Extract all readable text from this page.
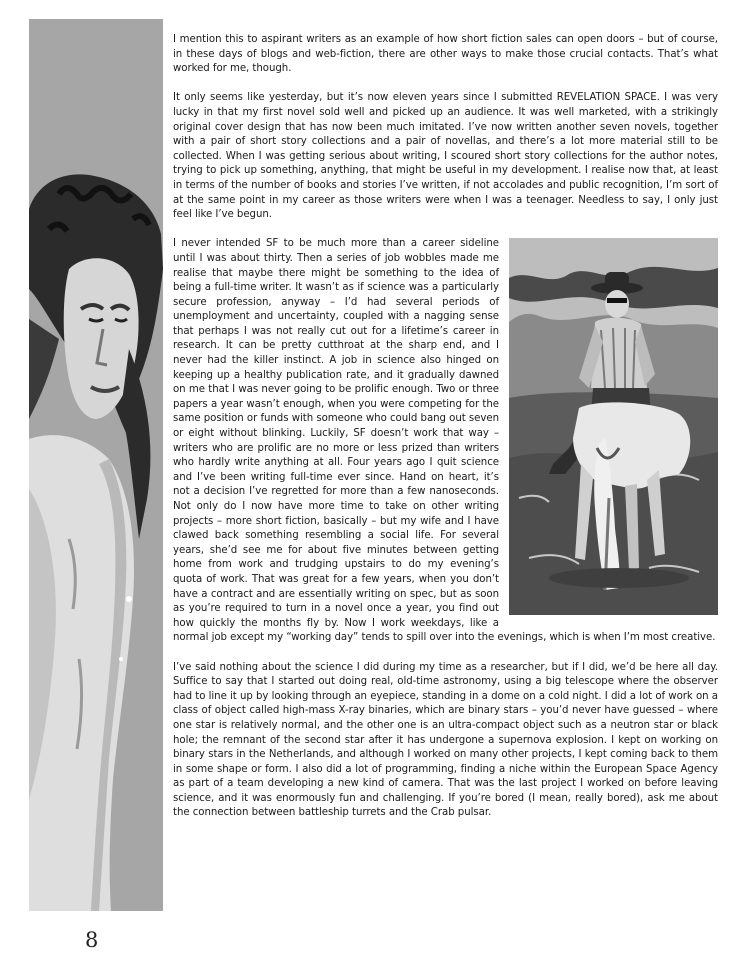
I mention this to aspirant writers as an example of how short fiction sales can open doors – but of course, in these days of blogs and web-fiction, there are other ways to make those crucial contacts. That’s what worked for me, though.

It only seems like yesterday, but it’s now eleven years since I submitted REVELATION SPACE. I was very lucky in that my first novel sold well and picked up an audience. It was well marketed, with a strikingly original cover design that has now been much imitated. I’ve now written another seven novels, together with a pair of short story collections and a pair of novellas, and there’s a lot more material still to be collected. When I was getting serious about writing, I scoured short story collections for the author notes, trying to pick up something, anything, that might be useful in my development. I realise now that, at least in terms of the number of books and stories I’ve written, if not accolades and public recognition, I’m sort of at the same point in my career as those writers were when I was a teenager. Needless to say, I only just feel like I’ve begun.

I never intended SF to be much more than a career sideline until I was about thirty. Then a series of job wobbles made me realise that maybe there might be something to the idea of being a full-time writer. It wasn’t as if science was a particularly secure profession, anyway – I’d had several periods of unemployment and uncertainty, coupled with a nagging sense that perhaps I was not really cut out for a lifetime’s career in research. It can be pretty cutthroat at the sharp end, and I never had the killer instinct. A job in science also hinged on keeping up a healthy publication rate, and it gradually dawned on me that I was never going to be prolific enough. Two or three papers a year wasn’t enough, when you were competing for the same position or funds with someone who could bang out seven or eight without blinking. Luckily, SF doesn’t work that way – writers who are prolific are no more or less prized than writers who hardly write anything at all. Four years ago I quit science and I’ve been writing full-time ever since. Hand on heart, it’s not a decision I’ve regretted for more than a few nanoseconds. Not only do I now have more time to take on other writing projects – more short fiction, basically – but my wife and I have clawed back something resembling a social life. For several years, she’d see me for about five minutes between getting home from work and trudging upstairs to do my evening’s quota of work. That was great for a few years, when you don’t have a contract and are essentially writing on spec, but as soon as you’re required to turn in a novel once a year, you find out how quickly the months fly by. Now I work weekdays, like a normal job except my “working day” tends to spill over into the evenings, which is when I’m most creative.

I’ve said nothing about the science I did during my time as a researcher, but if I did, we’d be here all day. Suffice to say that I started out doing real, old-time astronomy, using a big telescope where the observer had to line it up by looking through an eyepiece, standing in a dome on a cold night. I did a lot of work on a class of object called high-mass X-ray binaries, which are binary stars – you’d never have guessed – where one star is relatively normal, and the other one is an ultra-compact object such as a neutron star or black hole; the remnant of the second star after it has undergone a supernova explosion. I kept on working on binary stars in the Netherlands, and although I worked on many other projects, I kept coming back to them in some shape or form. I also did a lot of programming, finding a niche within the European Space Agency as part of a team developing a new kind of camera. That was the last project I worked on before leaving science, and it was enormously fun and challenging. If you’re bored (I mean, really bored), ask me about the connection between battleship turrets and the Crab pulsar.

8
